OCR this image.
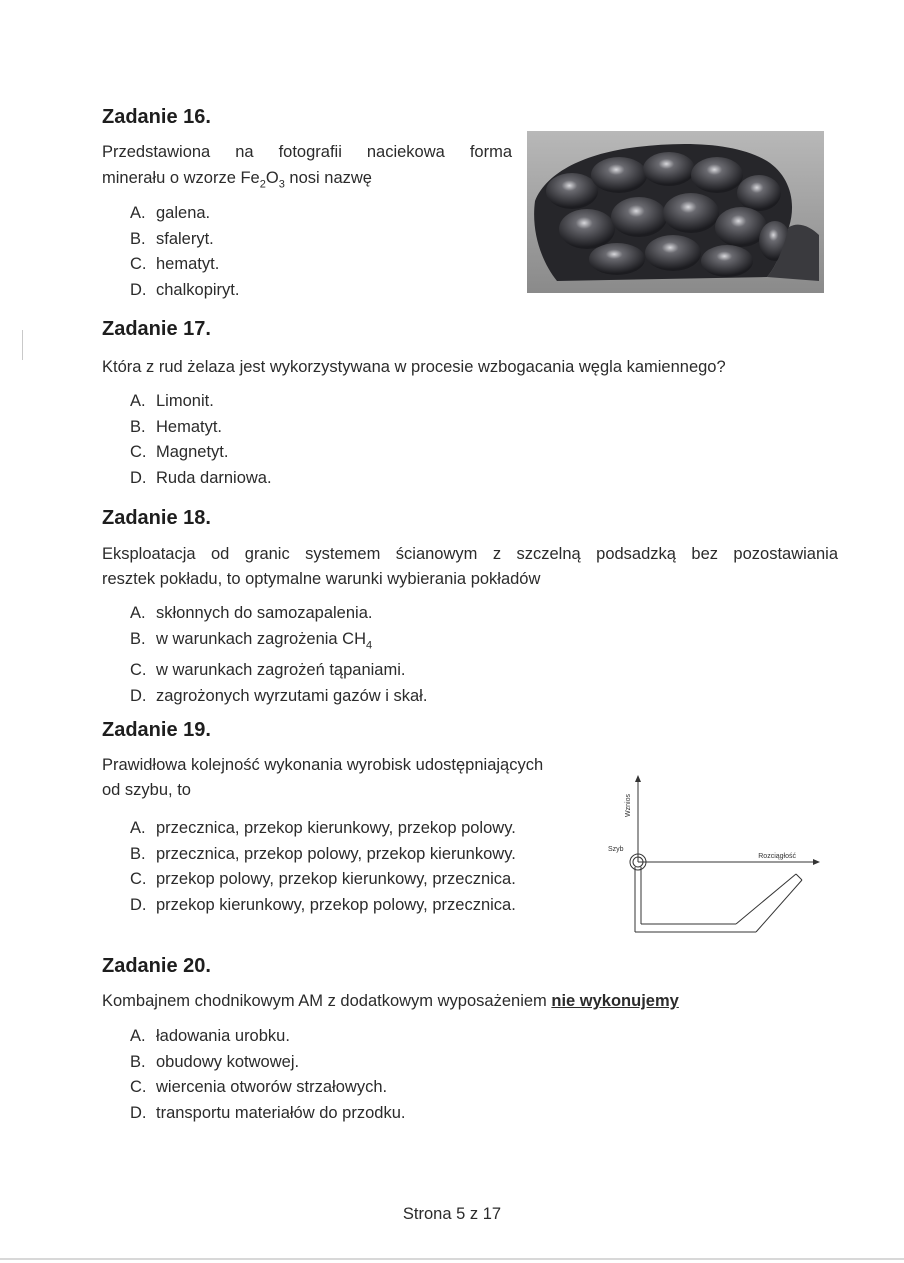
Zadanie 16.
Przedstawiona na fotografii naciekowa forma
minerału o wzorze $Fe_2O_3$ nosi nazwę
A. galena.
B. sfaleryt.
C. hematyt.
D. chalkopiryt.
Zadanie 17.
Która z rud żelaza jest wykorzystywana w procesie wzbogacania węgla kamiennego?
A. Limonit.
B. Hematyt.
C. Magnetyt.
D. Ruda darniowa.
Zadanie 18.
Eksploatacja od granic systemem ścianowym z szczelną podsadzką bez pozostawiania
resztek pokładu, to optymalne warunki wybierania pokładów
A. skłonnych do samozapalenia.
B. w warunkach zagrożenia $CH_4$
C. w warunkach zagrożeń tąpaniami.
D. zagrożonych wyrzutami gazów i skał.
Zadanie 19.
Prawidłowa kolejność wykonania wyrobisk udostępniających
od szybu, to
A. przecznica, przekop kierunkowy, przekop polowy.
B. przecznica, przekop polowy, przekop kierunkowy.
C. przekop polowy, przekop kierunkowy, przecznica.
D. przekop kierunkowy, przekop polowy, przecznica.
Wznios
Rozciągłość
Szyb
Zadanie 20.
Kombajnem chodnikowym AM z dodatkowym wyposażeniem nie wykonujemy
A. ładowania urobku.
B. obudowy kotwowej.
C. wiercenia otworów strzałowych.
D. transportu materiałów do przodku.
Strona 5 z 17
